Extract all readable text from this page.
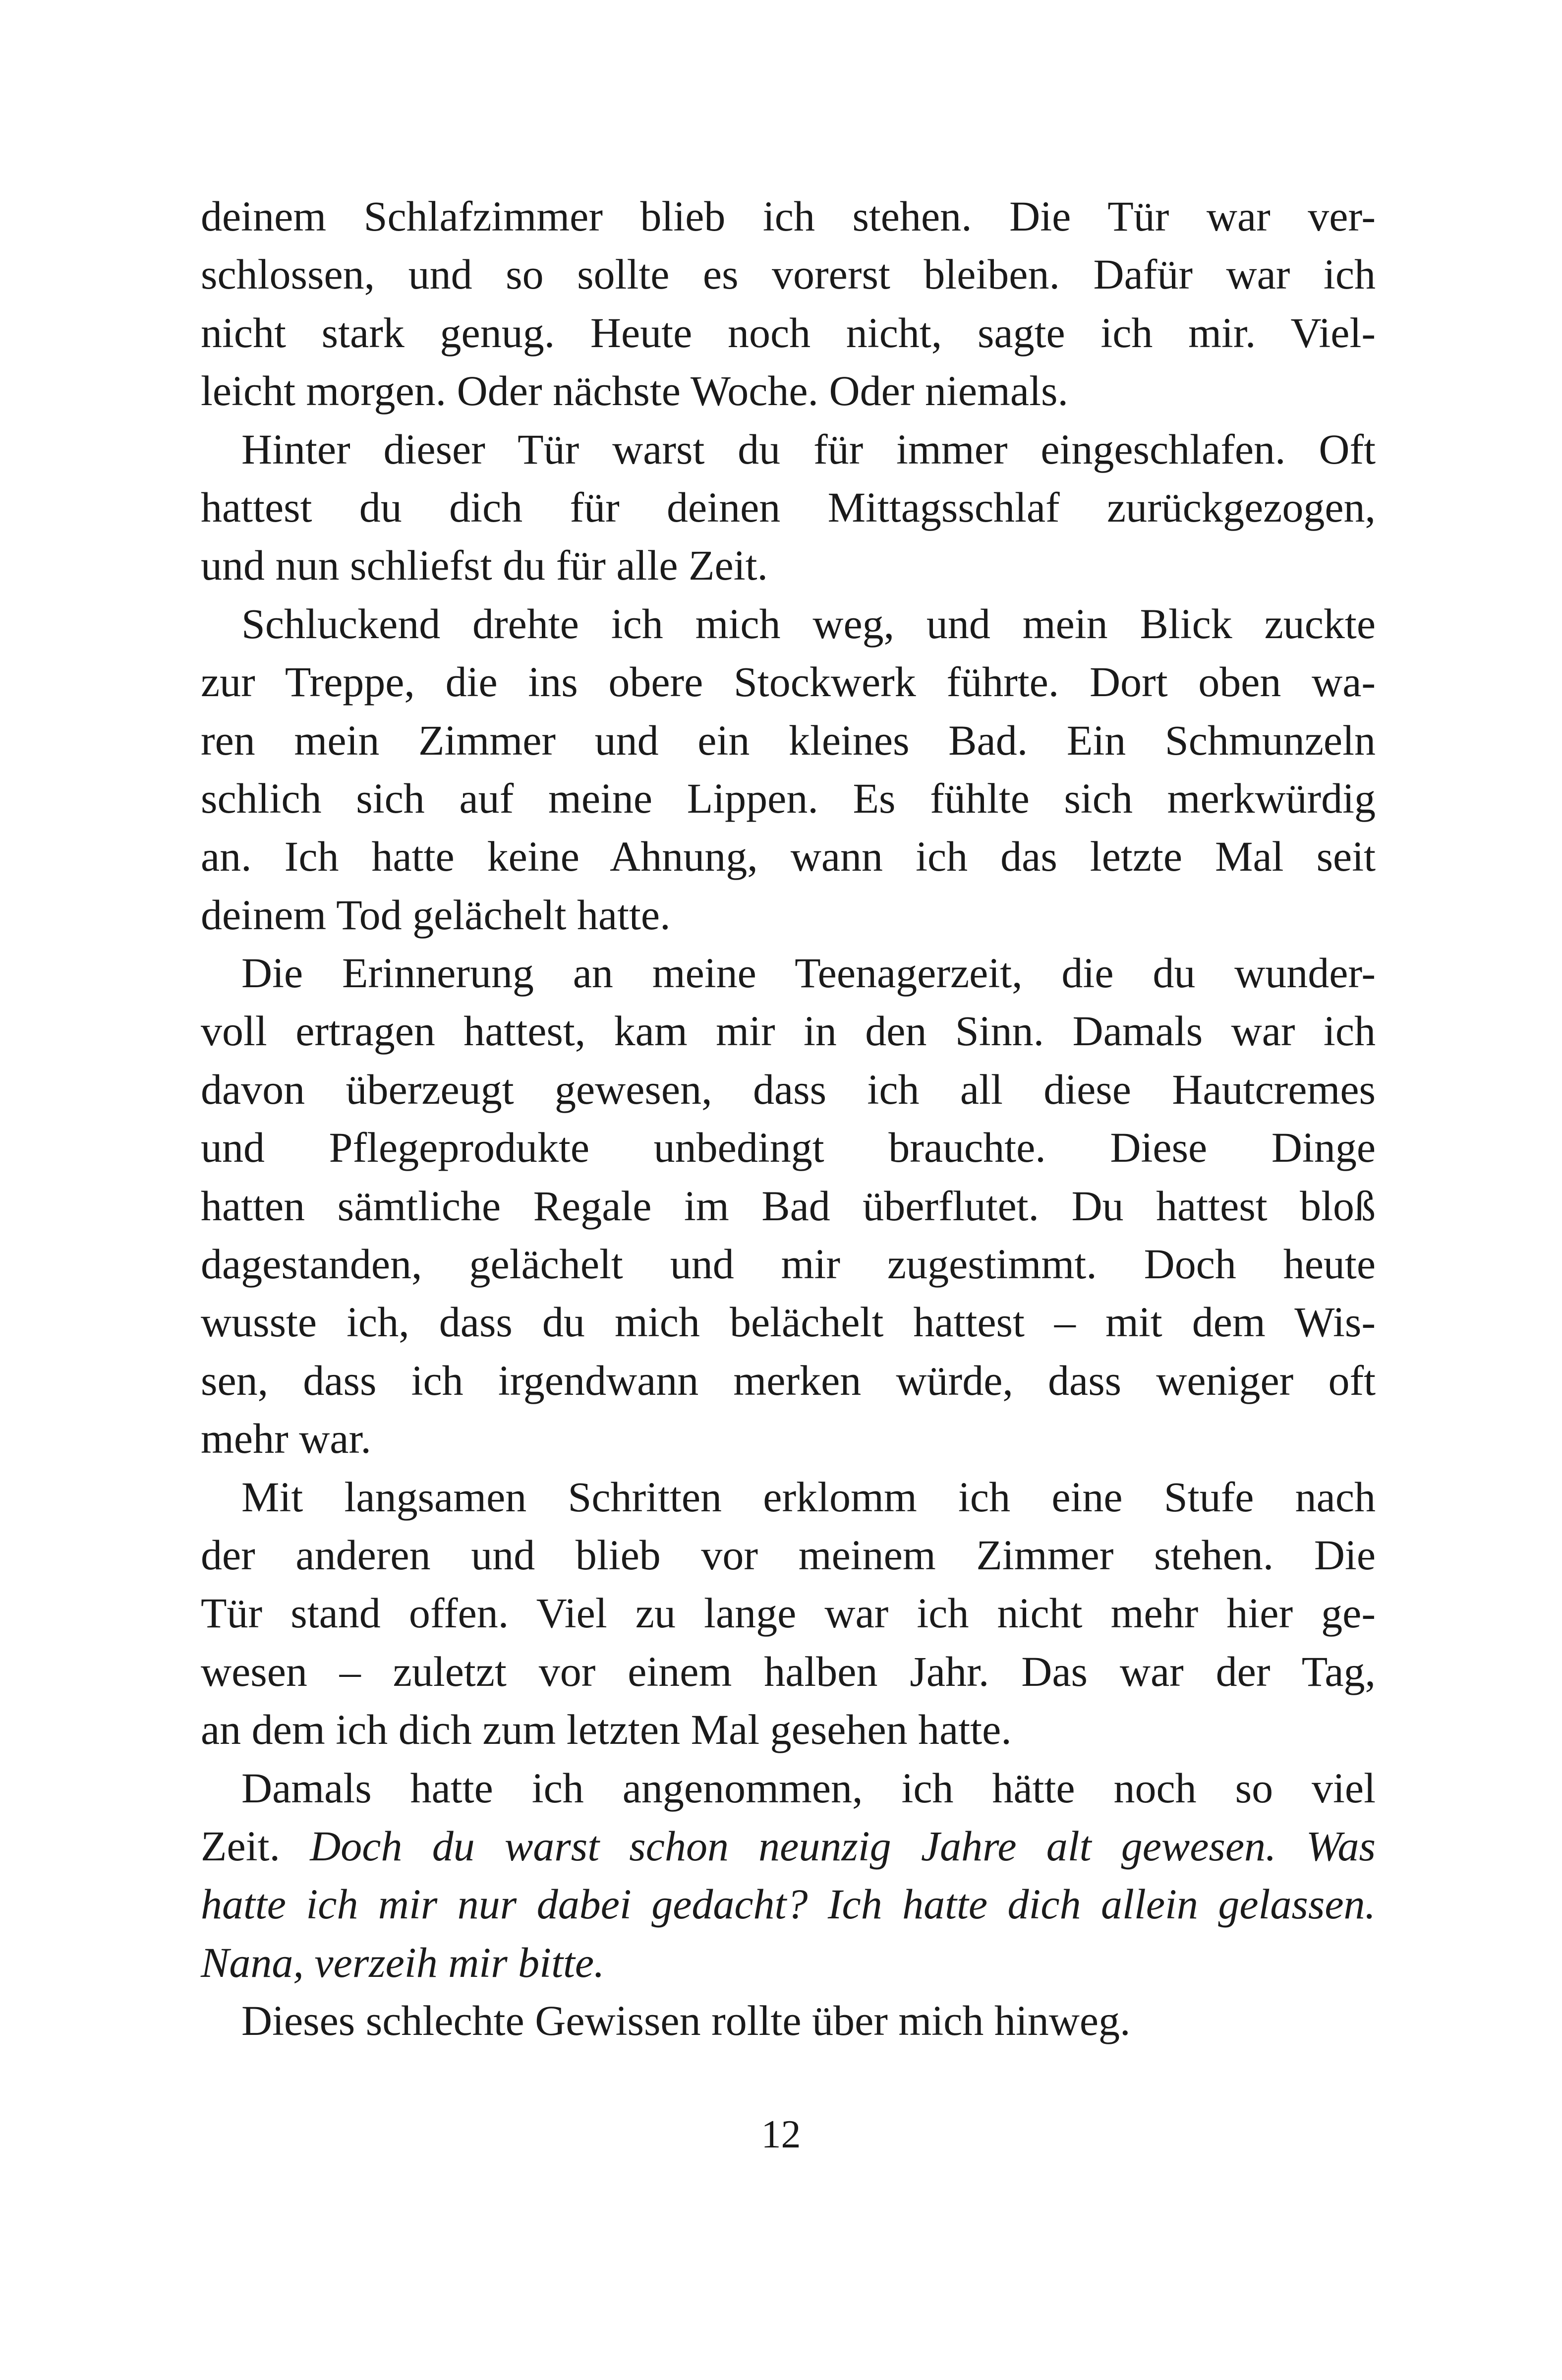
deinem Schlafzimmer blieb ich stehen. Die Tür war ver-
schlossen, und so sollte es vorerst bleiben. Dafür war ich
nicht stark genug. Heute noch nicht, sagte ich mir. Viel-
leicht morgen. Oder nächste Woche. Oder niemals.
Hinter dieser Tür warst du für immer eingeschlafen. Oft
hattest du dich für deinen Mittagsschlaf zurückgezogen,
und nun schliefst du für alle Zeit.
Schluckend drehte ich mich weg, und mein Blick zuckte
zur Treppe, die ins obere Stockwerk führte. Dort oben wa-
ren mein Zimmer und ein kleines Bad. Ein Schmunzeln
schlich sich auf meine Lippen. Es fühlte sich merkwürdig
an. Ich hatte keine Ahnung, wann ich das letzte Mal seit
deinem Tod gelächelt hatte.
Die Erinnerung an meine Teenagerzeit, die du wunder-
voll ertragen hattest, kam mir in den Sinn. Damals war ich
davon überzeugt gewesen, dass ich all diese Hautcremes
und Pflegeprodukte unbedingt brauchte. Diese Dinge
hatten sämtliche Regale im Bad überflutet. Du hattest bloß
dagestanden, gelächelt und mir zugestimmt. Doch heute
wusste ich, dass du mich belächelt hattest – mit dem Wis-
sen, dass ich irgendwann merken würde, dass weniger oft
mehr war.
Mit langsamen Schritten erklomm ich eine Stufe nach
der anderen und blieb vor meinem Zimmer stehen. Die
Tür stand offen. Viel zu lange war ich nicht mehr hier ge-
wesen – zuletzt vor einem halben Jahr. Das war der Tag,
an dem ich dich zum letzten Mal gesehen hatte.
Damals hatte ich angenommen, ich hätte noch so viel
Zeit. Doch du warst schon neunzig Jahre alt gewesen. Was
hatte ich mir nur dabei gedacht? Ich hatte dich allein gelassen.
Nana, verzeih mir bitte.
Dieses schlechte Gewissen rollte über mich hinweg.
12
